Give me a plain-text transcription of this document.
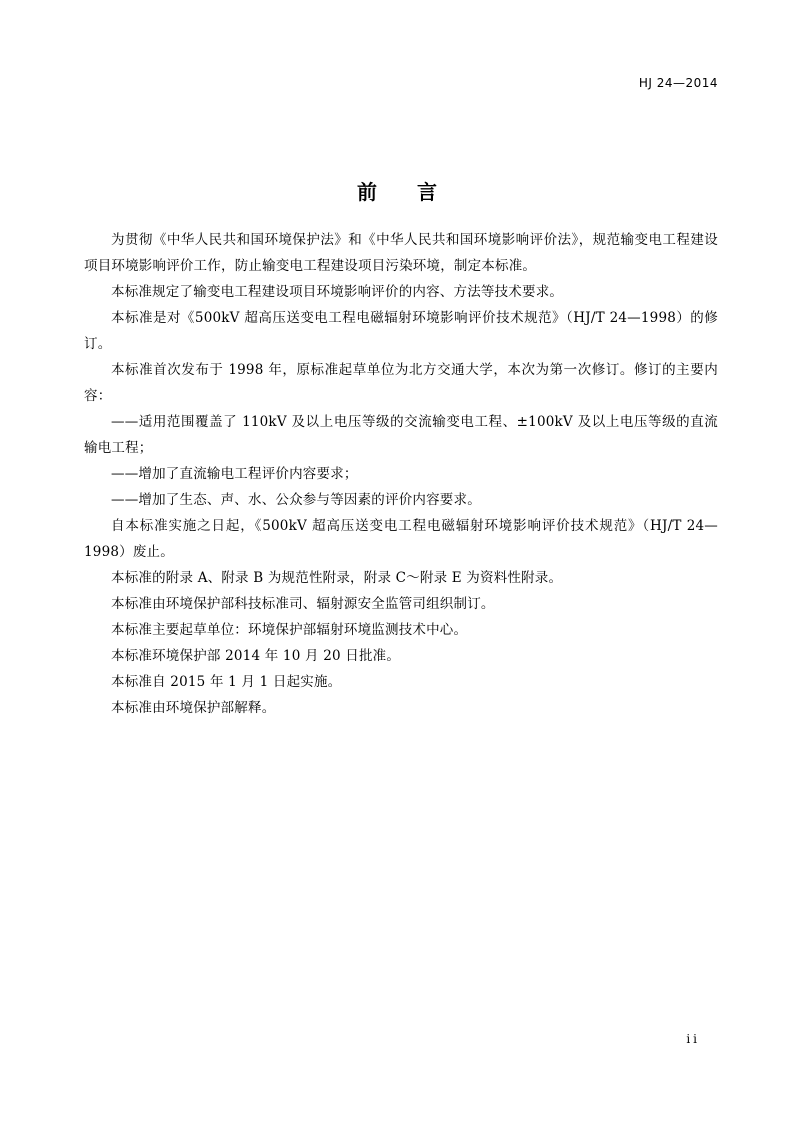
HJ 24—2014
前言

为贯彻《中华人民共和国环境保护法》和《中华人民共和国环境影响评价法》，规范输变电工程建设项目环境影响评价工作，防止输变电工程建设项目污染环境，制定本标准。

本标准规定了输变电工程建设项目环境影响评价的内容、方法等技术要求。

本标准是对《500kV 超高压送变电工程电磁辐射环境影响评价技术规范》（HJ/T 24—1998）的修订。

本标准首次发布于 1998 年，原标准起草单位为北方交通大学，本次为第一次修订。修订的主要内容：

——适用范围覆盖了 110kV 及以上电压等级的交流输变电工程、±100kV 及以上电压等级的直流输电工程；

——增加了直流输电工程评价内容要求；

——增加了生态、声、水、公众参与等因素的评价内容要求。

自本标准实施之日起，《500kV 超高压送变电工程电磁辐射环境影响评价技术规范》（HJ/T 24—1998）废止。

本标准的附录 A、附录 B 为规范性附录，附录 C～附录 E 为资料性附录。

本标准由环境保护部科技标准司、辐射源安全监管司组织制订。

本标准主要起草单位：环境保护部辐射环境监测技术中心。

本标准环境保护部 2014 年 10 月 20 日批准。

本标准自 2015 年 1 月 1 日起实施。

本标准由环境保护部解释。

ii
